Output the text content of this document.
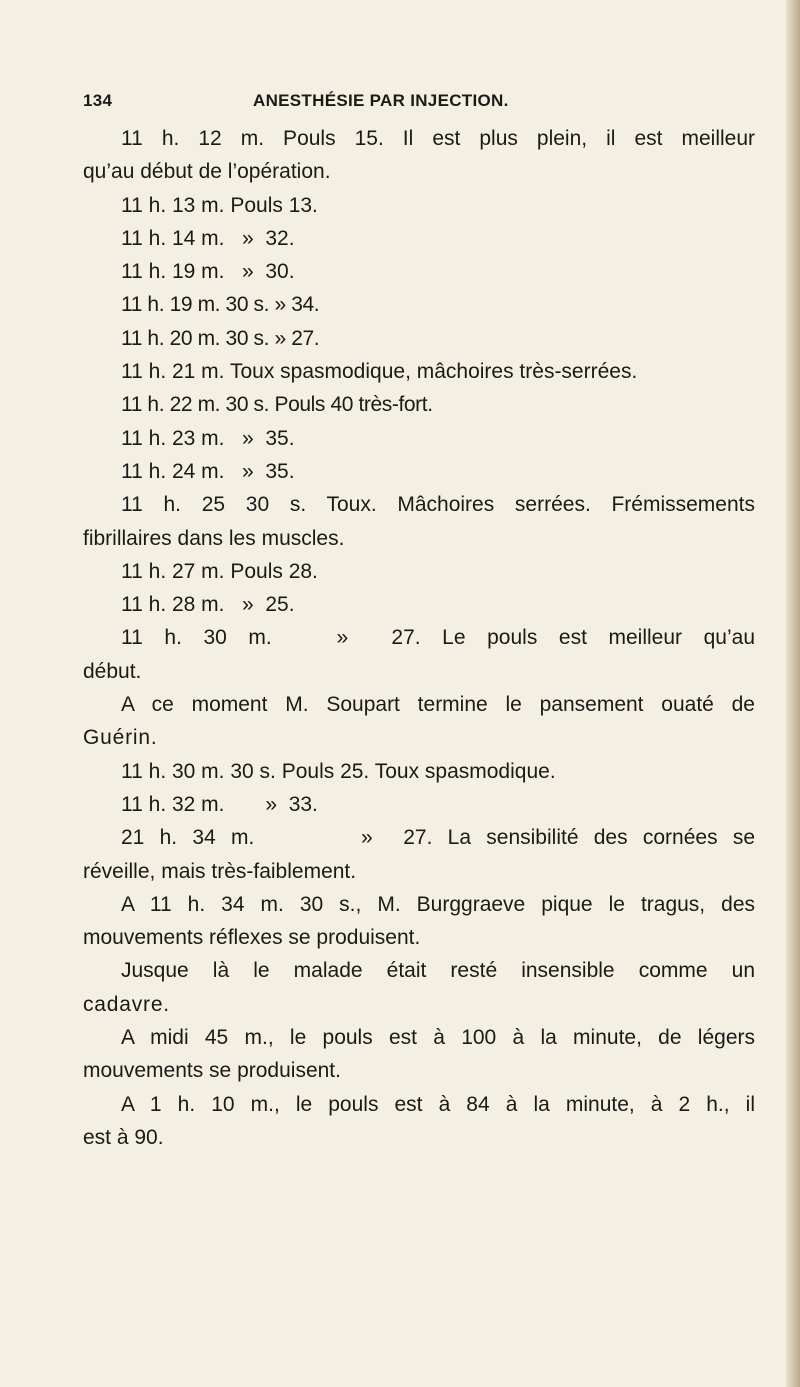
134	ANESTHÉSIE PAR INJECTION.
11 h. 12 m. Pouls 15. Il est plus plein, il est meilleur
qu’au début de l’opération.
11 h. 13 m. Pouls 13.
11 h. 14 m.   »  32.
11 h. 19 m.   »  30.
11 h. 19 m. 30 s. » 34.
11 h. 20 m. 30 s. » 27.
11 h. 21 m. Toux spasmodique, mâchoires très-serrées.
11 h. 22 m. 30 s. Pouls 40 très-fort.
11 h. 23 m.   »  35.
11 h. 24 m.   »  35.
11 h. 25 30 s. Toux. Mâchoires serrées. Frémissements
fibrillaires dans les muscles.
11 h. 27 m. Pouls 28.
11 h. 28 m.   »  25.
11 h. 30 m.   »  27. Le pouls est meilleur qu’au
début.
A ce moment M. Soupart termine le pansement ouaté de
Guérin.
11 h. 30 m. 30 s. Pouls 25. Toux spasmodique.
11 h. 32 m.       »  33.
21 h. 34 m.       »  27. La sensibilité des cornées se
réveille, mais très-faiblement.
A 11 h. 34 m. 30 s., M. Burggraeve pique le tragus, des
mouvements réflexes se produisent.
Jusque là le malade était resté insensible comme un
cadavre.
A midi 45 m., le pouls est à 100 à la minute, de légers
mouvements se produisent.
A 1 h. 10 m., le pouls est à 84 à la minute, à 2 h., il
est à 90.
